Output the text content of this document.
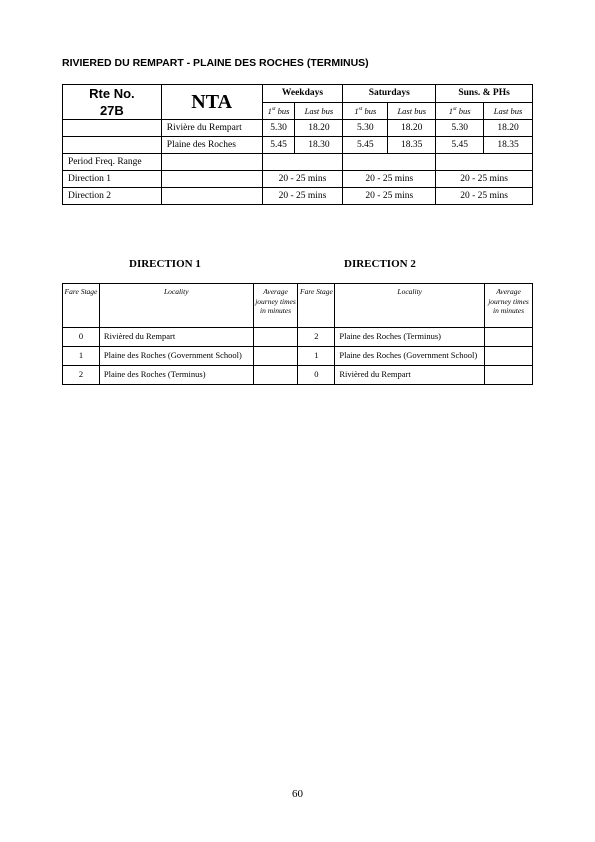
RIVIERED DU REMPART - PLAINE DES ROCHES (TERMINUS)
Rte No.
27B	NTA	Weekdays		Saturdays		Suns. & PHs	
		1st bus	Last bus	1st bus	Last bus	1st bus	Last bus
	Rivière du Rempart	5.30	18.20	5.30	18.20	5.30	18.20
	Plaine des Roches	5.45	18.30	5.45	18.35	5.45	18.35
Period Freq. Range							
Direction 1		20 - 25 mins		20 - 25 mins		20 - 25 mins	
Direction 2		20 - 25 mins		20 - 25 mins		20 - 25 mins	
DIRECTION 1	DIRECTION 2
Fare Stage	Locality	Average journey times in minutes	Fare Stage	Locality	Average journey times in minutes
0	Rivièred du Rempart		2	Plaine des Roches (Terminus)	
1	Plaine des Roches (Government School)		1	Plaine des Roches (Government School)	
2	Plaine des Roches (Terminus)		0	Rivièred du Rempart	
60
